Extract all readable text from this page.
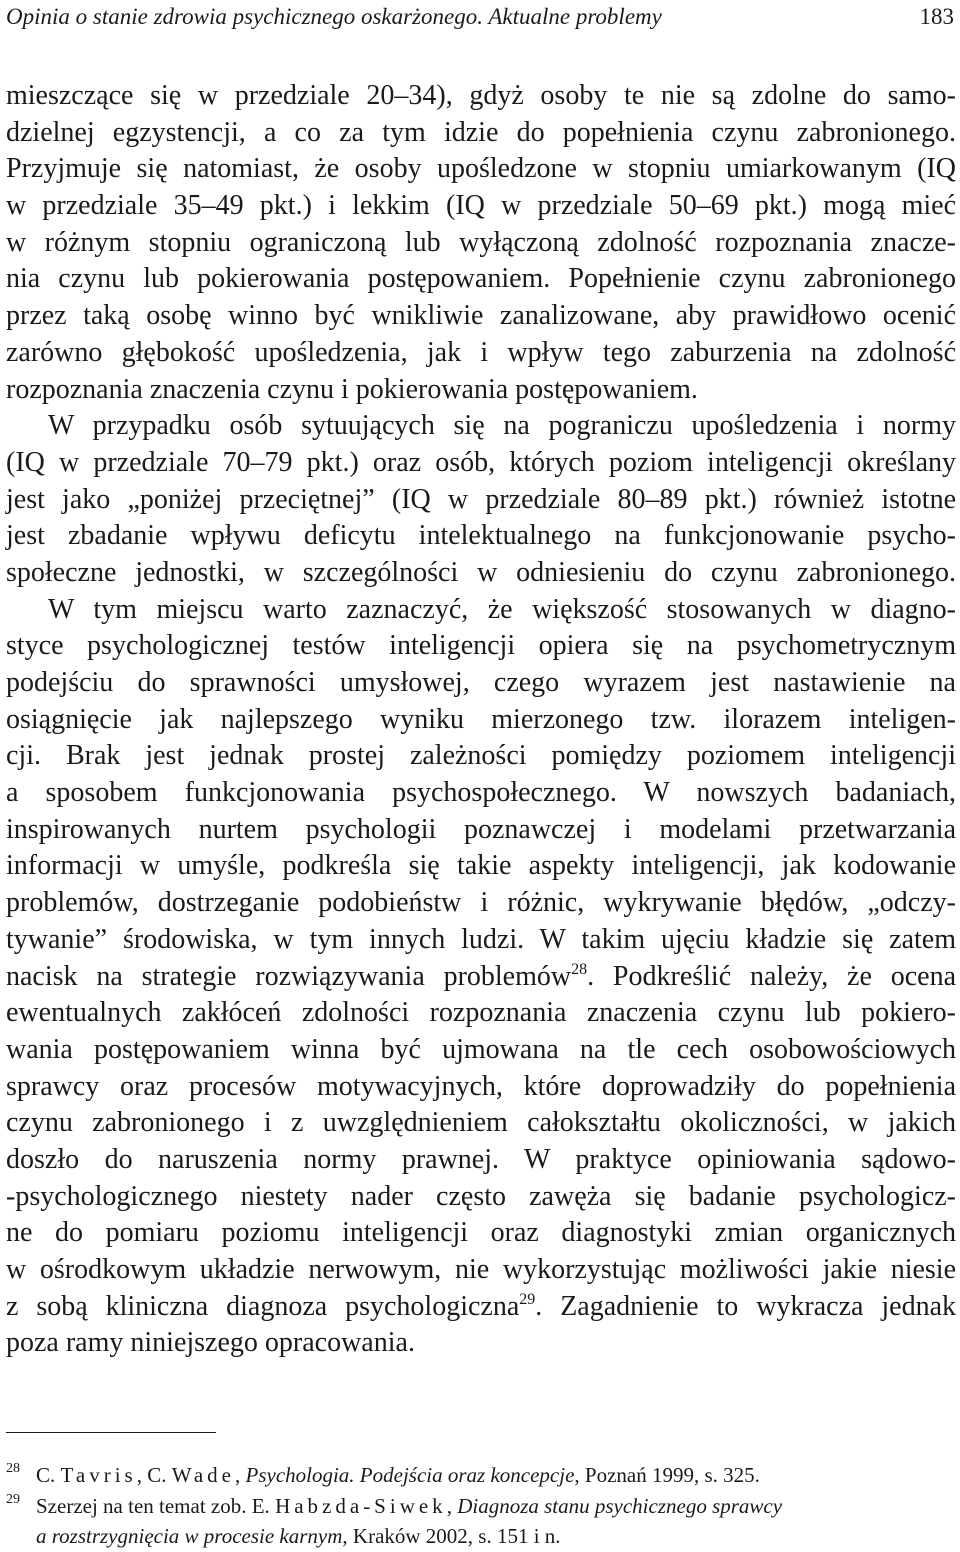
Opinia o stanie zdrowia psychicznego oskarżonego. Aktualne problemy	183
mieszczące się w przedziale 20–34), gdyż osoby te nie są zdolne do samo-
dzielnej egzystencji, a co za tym idzie do popełnienia czynu zabronionego.
Przyjmuje się natomiast, że osoby upośledzone w stopniu umiarkowanym (IQ
w przedziale 35–49 pkt.) i lekkim (IQ w przedziale 50–69 pkt.) mogą mieć
w różnym stopniu ograniczoną lub wyłączoną zdolność rozpoznania znacze-
nia czynu lub pokierowania postępowaniem. Popełnienie czynu zabronionego
przez taką osobę winno być wnikliwie zanalizowane, aby prawidłowo ocenić
zarówno głębokość upośledzenia, jak i wpływ tego zaburzenia na zdolność
rozpoznania znaczenia czynu i pokierowania postępowaniem.
W przypadku osób sytuujących się na pograniczu upośledzenia i normy
(IQ w przedziale 70–79 pkt.) oraz osób, których poziom inteligencji określany
jest jako „poniżej przeciętnej” (IQ w przedziale 80–89 pkt.) również istotne
jest zbadanie wpływu deficytu intelektualnego na funkcjonowanie psycho-
społeczne jednostki, w szczególności w odniesieniu do czynu zabronionego.
W tym miejscu warto zaznaczyć, że większość stosowanych w diagno-
styce psychologicznej testów inteligencji opiera się na psychometrycznym
podejściu do sprawności umysłowej, czego wyrazem jest nastawienie na
osiągnięcie jak najlepszego wyniku mierzonego tzw. ilorazem inteligen-
cji. Brak jest jednak prostej zależności pomiędzy poziomem inteligencji
a sposobem funkcjonowania psychospołecznego. W nowszych badaniach,
inspirowanych nurtem psychologii poznawczej i modelami przetwarzania
informacji w umyśle, podkreśla się takie aspekty inteligencji, jak kodowanie
problemów, dostrzeganie podobieństw i różnic, wykrywanie błędów, „odczy-
tywanie” środowiska, w tym innych ludzi. W takim ujęciu kładzie się zatem
nacisk na strategie rozwiązywania problemów$^{28}$. Podkreślić należy, że ocena
ewentualnych zakłóceń zdolności rozpoznania znaczenia czynu lub pokiero-
wania postępowaniem winna być ujmowana na tle cech osobowościowych
sprawcy oraz procesów motywacyjnych, które doprowadziły do popełnienia
czynu zabronionego i z uwzględnieniem całokształtu okoliczności, w jakich
doszło do naruszenia normy prawnej. W praktyce opiniowania sądowo-
-psychologicznego niestety nader często zawęża się badanie psychologicz-
ne do pomiaru poziomu inteligencji oraz diagnostyki zmian organicznych
w ośrodkowym układzie nerwowym, nie wykorzystując możliwości jakie niesie
z sobą kliniczna diagnoza psychologiczna$^{29}$. Zagadnienie to wykracza jednak
poza ramy niniejszego opracowania.
28 C. Tavris, C. Wade, Psychologia. Podejścia oraz koncepcje, Poznań 1999, s. 325.
29 Szerzej na ten temat zob. E. Habzda-Siwek, Diagnoza stanu psychicznego sprawcy
a rozstrzygnięcia w procesie karnym, Kraków 2002, s. 151 i n.
